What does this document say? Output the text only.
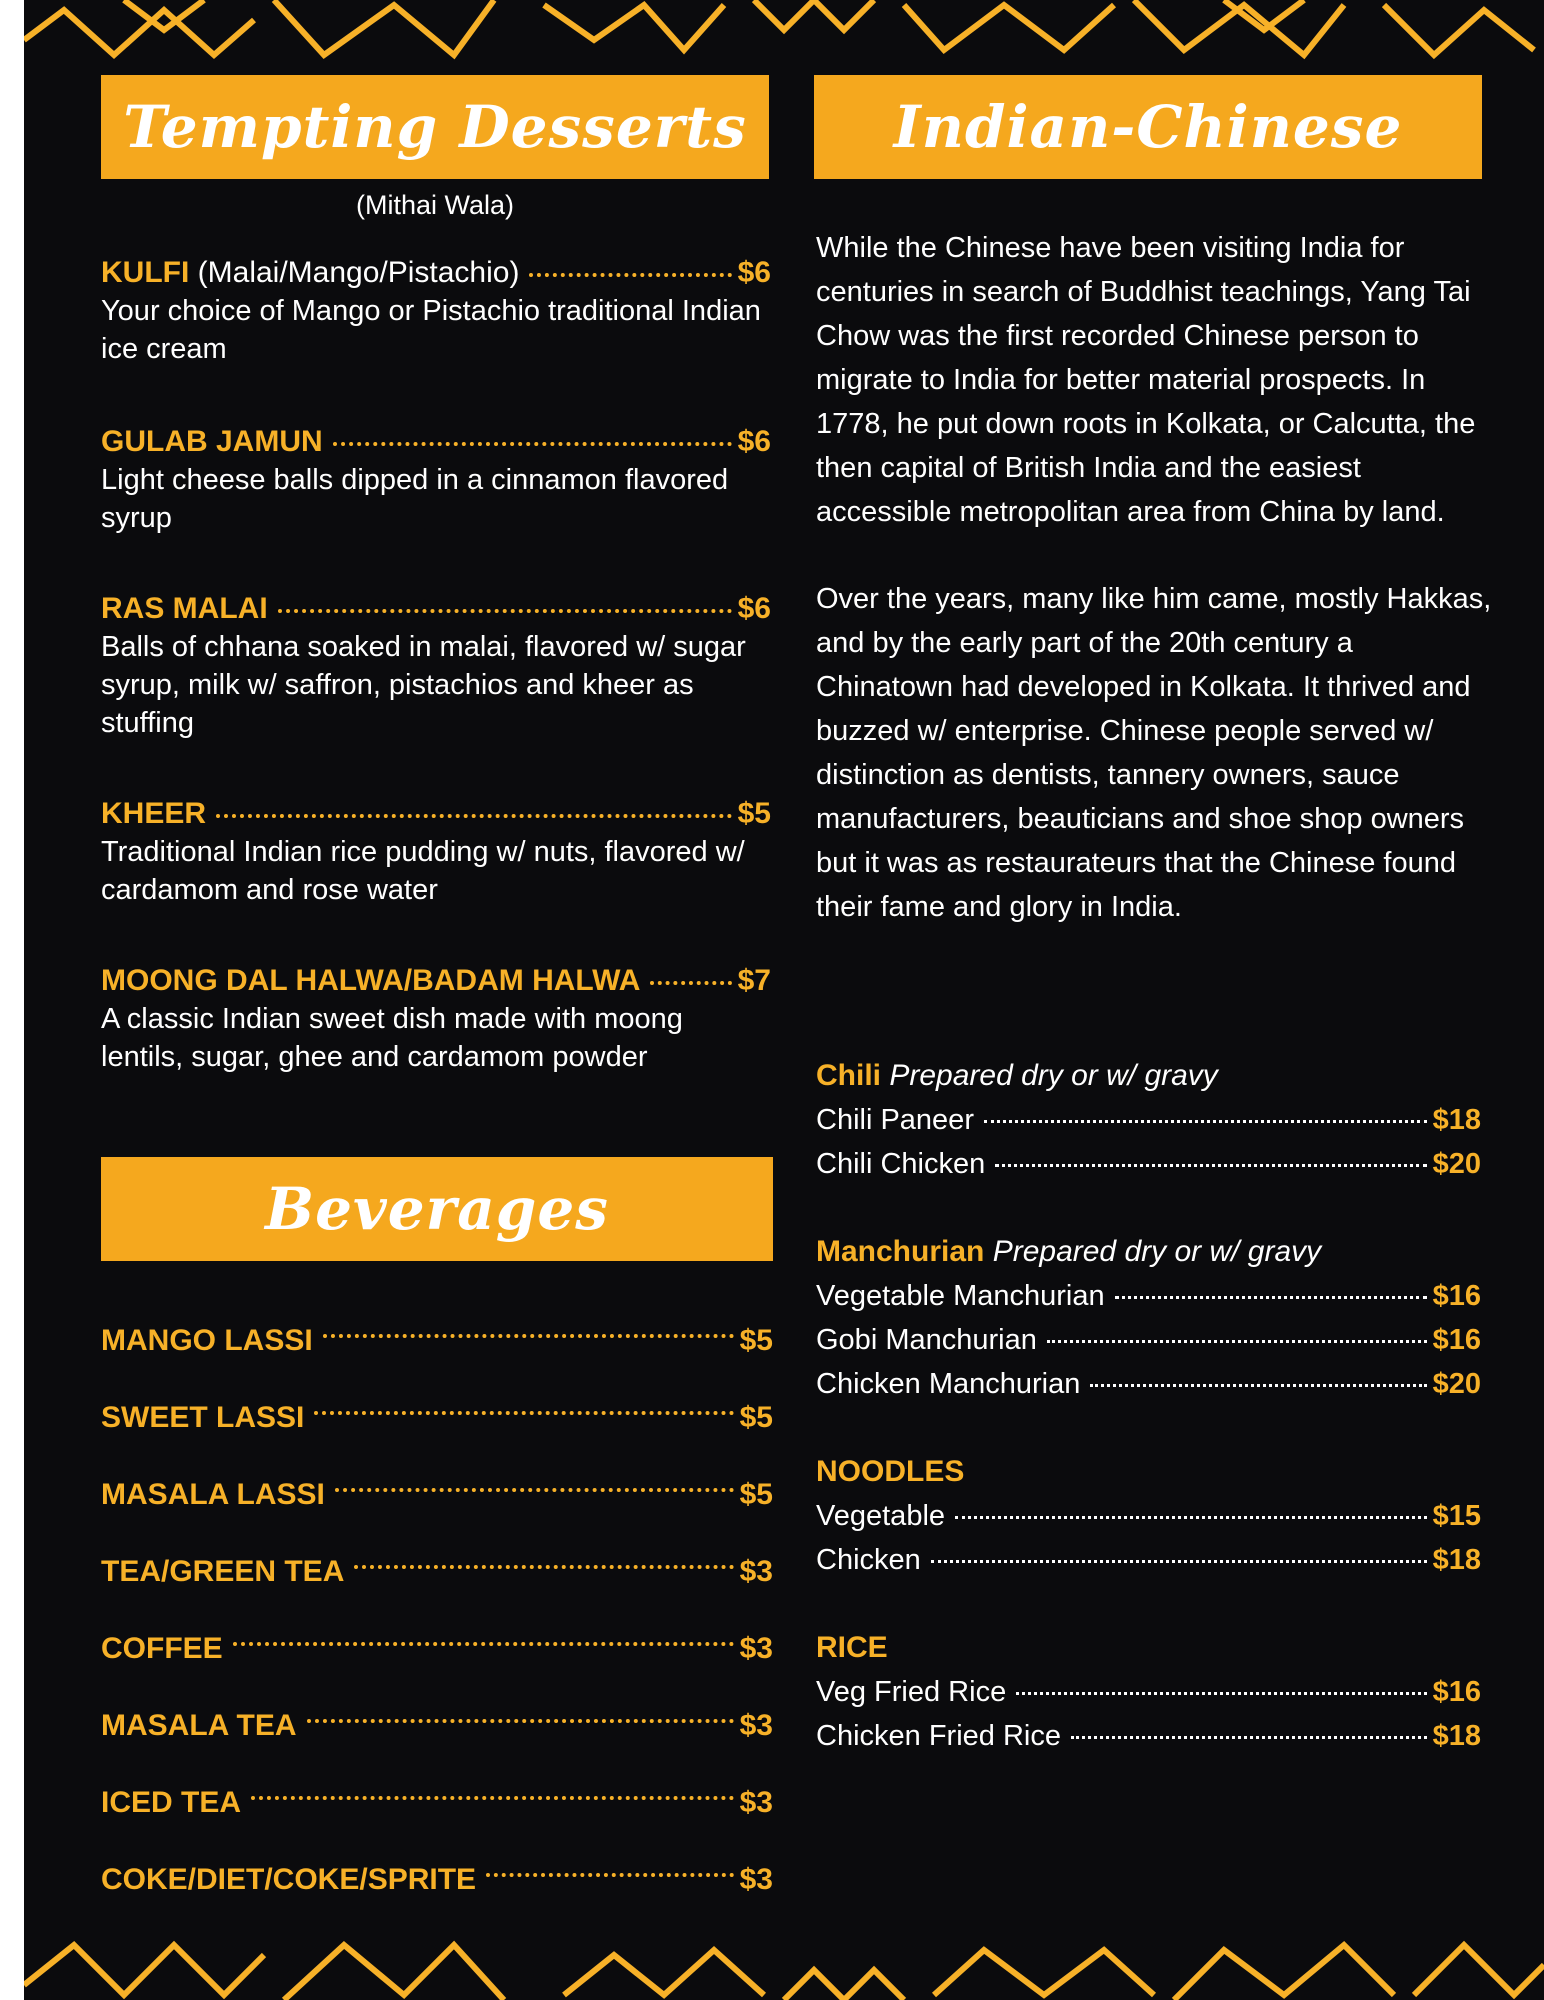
Tempting Desserts
(Mithai Wala)
KULFI (Malai/Mango/Pistachio)	$6
Your choice of Mango or Pistachio traditional Indian ice cream
GULAB JAMUN	$6
Light cheese balls dipped in a cinnamon flavored syrup
RAS MALAI	$6
Balls of chhana soaked in malai, flavored w/ sugar syrup, milk w/ saffron, pistachios and kheer as stuffing
KHEER	$5
Traditional Indian rice pudding w/ nuts, flavored w/ cardamom and rose water
MOONG DAL HALWA/BADAM HALWA	$7
A classic Indian sweet dish made with moong lentils, sugar, ghee and cardamom powder
Beverages
MANGO LASSI	$5
SWEET LASSI	$5
MASALA LASSI	$5
TEA/GREEN TEA	$3
COFFEE	$3
MASALA TEA	$3
ICED TEA	$3
COKE/DIET/COKE/SPRITE	$3
Indian-Chinese

While the Chinese have been visiting India for centuries in search of Buddhist teachings, Yang Tai Chow was the first recorded Chinese person to migrate to India for better material prospects. In 1778, he put down roots in Kolkata, or Calcutta, the then capital of British India and the easiest accessible metropolitan area from China by land.

Over the years, many like him came, mostly Hakkas, and by the early part of the 20th century a Chinatown had developed in Kolkata. It thrived and buzzed w/ enterprise. Chinese people served w/ distinction as dentists, tannery owners, sauce manufacturers, beauticians and shoe shop owners but it was as restaurateurs that the Chinese found their fame and glory in India.

Chili Prepared dry or w/ gravy
Chili Paneer	$18
Chili Chicken	$20
Manchurian Prepared dry or w/ gravy
Vegetable Manchurian	$16
Gobi Manchurian	$16
Chicken Manchurian	$20
NOODLES
Vegetable	$15
Chicken	$18
RICE
Veg Fried Rice	$16
Chicken Fried Rice	$18
